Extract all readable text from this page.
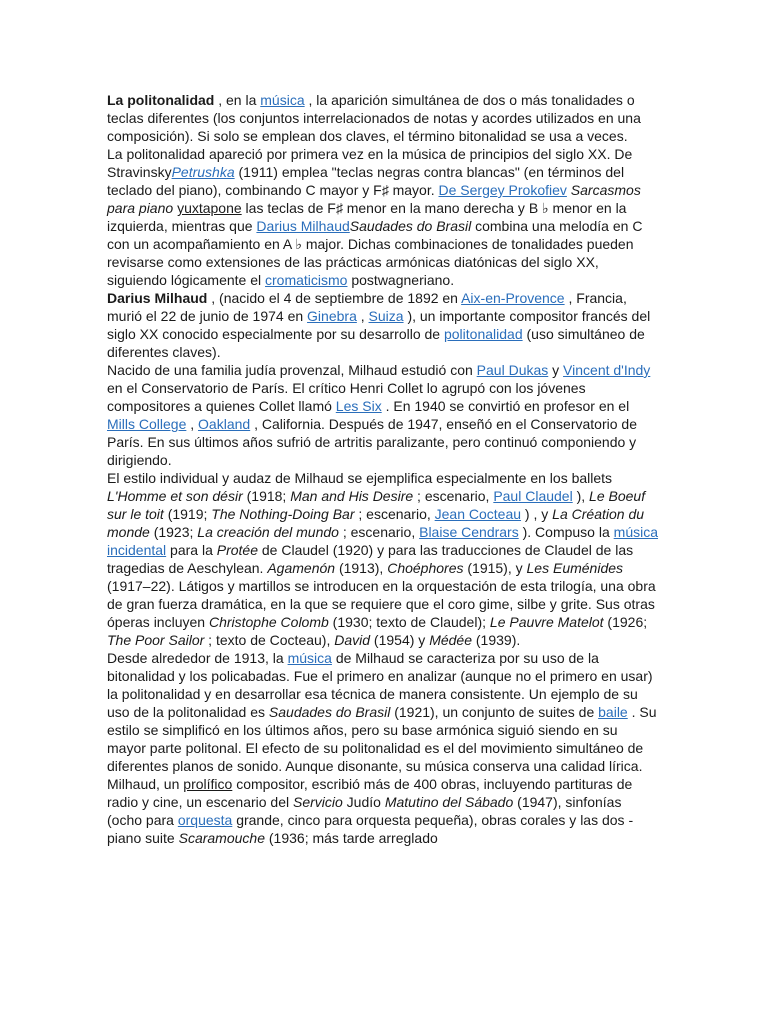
La politonalidad , en la música , la aparición simultánea de dos o más tonalidades o teclas diferentes (los conjuntos interrelacionados de notas y acordes utilizados en una composición). Si solo se emplean dos claves, el término bitonalidad se usa a veces.

La politonalidad apareció por primera vez en la música de principios del siglo XX. De StravinskyPetrushka (1911) emplea "teclas negras contra blancas" (en términos del teclado del piano), combinando C mayor y F♯ mayor. De Sergey Prokofiev Sarcasmos para piano yuxtapone las teclas de F♯ menor en la mano derecha y B ♭ menor en la izquierda, mientras que Darius MilhaudSaudades do Brasil combina una melodía en C con un acompañamiento en A ♭ major. Dichas combinaciones de tonalidades pueden revisarse como extensiones de las prácticas armónicas diatónicas del siglo XX, siguiendo lógicamente el cromaticismo postwagneriano.

Darius Milhaud , (nacido el 4 de septiembre de 1892 en Aix-en-Provence , Francia, murió el 22 de junio de 1974 en Ginebra , Suiza ), un importante compositor francés del siglo XX conocido especialmente por su desarrollo de politonalidad (uso simultáneo de diferentes claves).

Nacido de una familia judía provenzal, Milhaud estudió con Paul Dukas y Vincent d'Indy en el Conservatorio de París. El crítico Henri Collet lo agrupó con los jóvenes compositores a quienes Collet llamó Les Six . En 1940 se convirtió en profesor en el Mills College , Oakland , California. Después de 1947, enseñó en el Conservatorio de París. En sus últimos años sufrió de artritis paralizante, pero continuó componiendo y dirigiendo.

El estilo individual y audaz de Milhaud se ejemplifica especialmente en los ballets L'Homme et son désir (1918; Man and His Desire ; escenario, Paul Claudel ), Le Boeuf sur le toit (1919; The Nothing-Doing Bar ; escenario, Jean Cocteau ) , y La Création du monde (1923; La creación del mundo ; escenario, Blaise Cendrars ). Compuso la música incidental para la Protée de Claudel (1920) y para las traducciones de Claudel de las tragedias de Aeschylean. Agamenón (1913), Choéphores (1915), y Les Euménides (1917–22). Látigos y martillos se introducen en la orquestación de esta trilogía, una obra de gran fuerza dramática, en la que se requiere que el coro gime, silbe y grite. Sus otras óperas incluyen Christophe Colomb (1930; texto de Claudel); Le Pauvre Matelot (1926; The Poor Sailor ; texto de Cocteau), David (1954) y Médée (1939).

Desde alrededor de 1913, la música de Milhaud se caracteriza por su uso de la bitonalidad y los policabadas. Fue el primero en analizar (aunque no el primero en usar) la politonalidad y en desarrollar esa técnica de manera consistente. Un ejemplo de su uso de la politonalidad es Saudades do Brasil (1921), un conjunto de suites de baile . Su estilo se simplificó en los últimos años, pero su base armónica siguió siendo en su mayor parte politonal. El efecto de su politonalidad es el del movimiento simultáneo de diferentes planos de sonido. Aunque disonante, su música conserva una calidad lírica.

Milhaud, un prolífico compositor, escribió más de 400 obras, incluyendo partituras de radio y cine, un escenario del Servicio Judío Matutino del Sábado (1947), sinfonías (ocho para orquesta grande, cinco para orquesta pequeña), obras corales y las dos -piano suite Scaramouche (1936; más tarde arreglado
